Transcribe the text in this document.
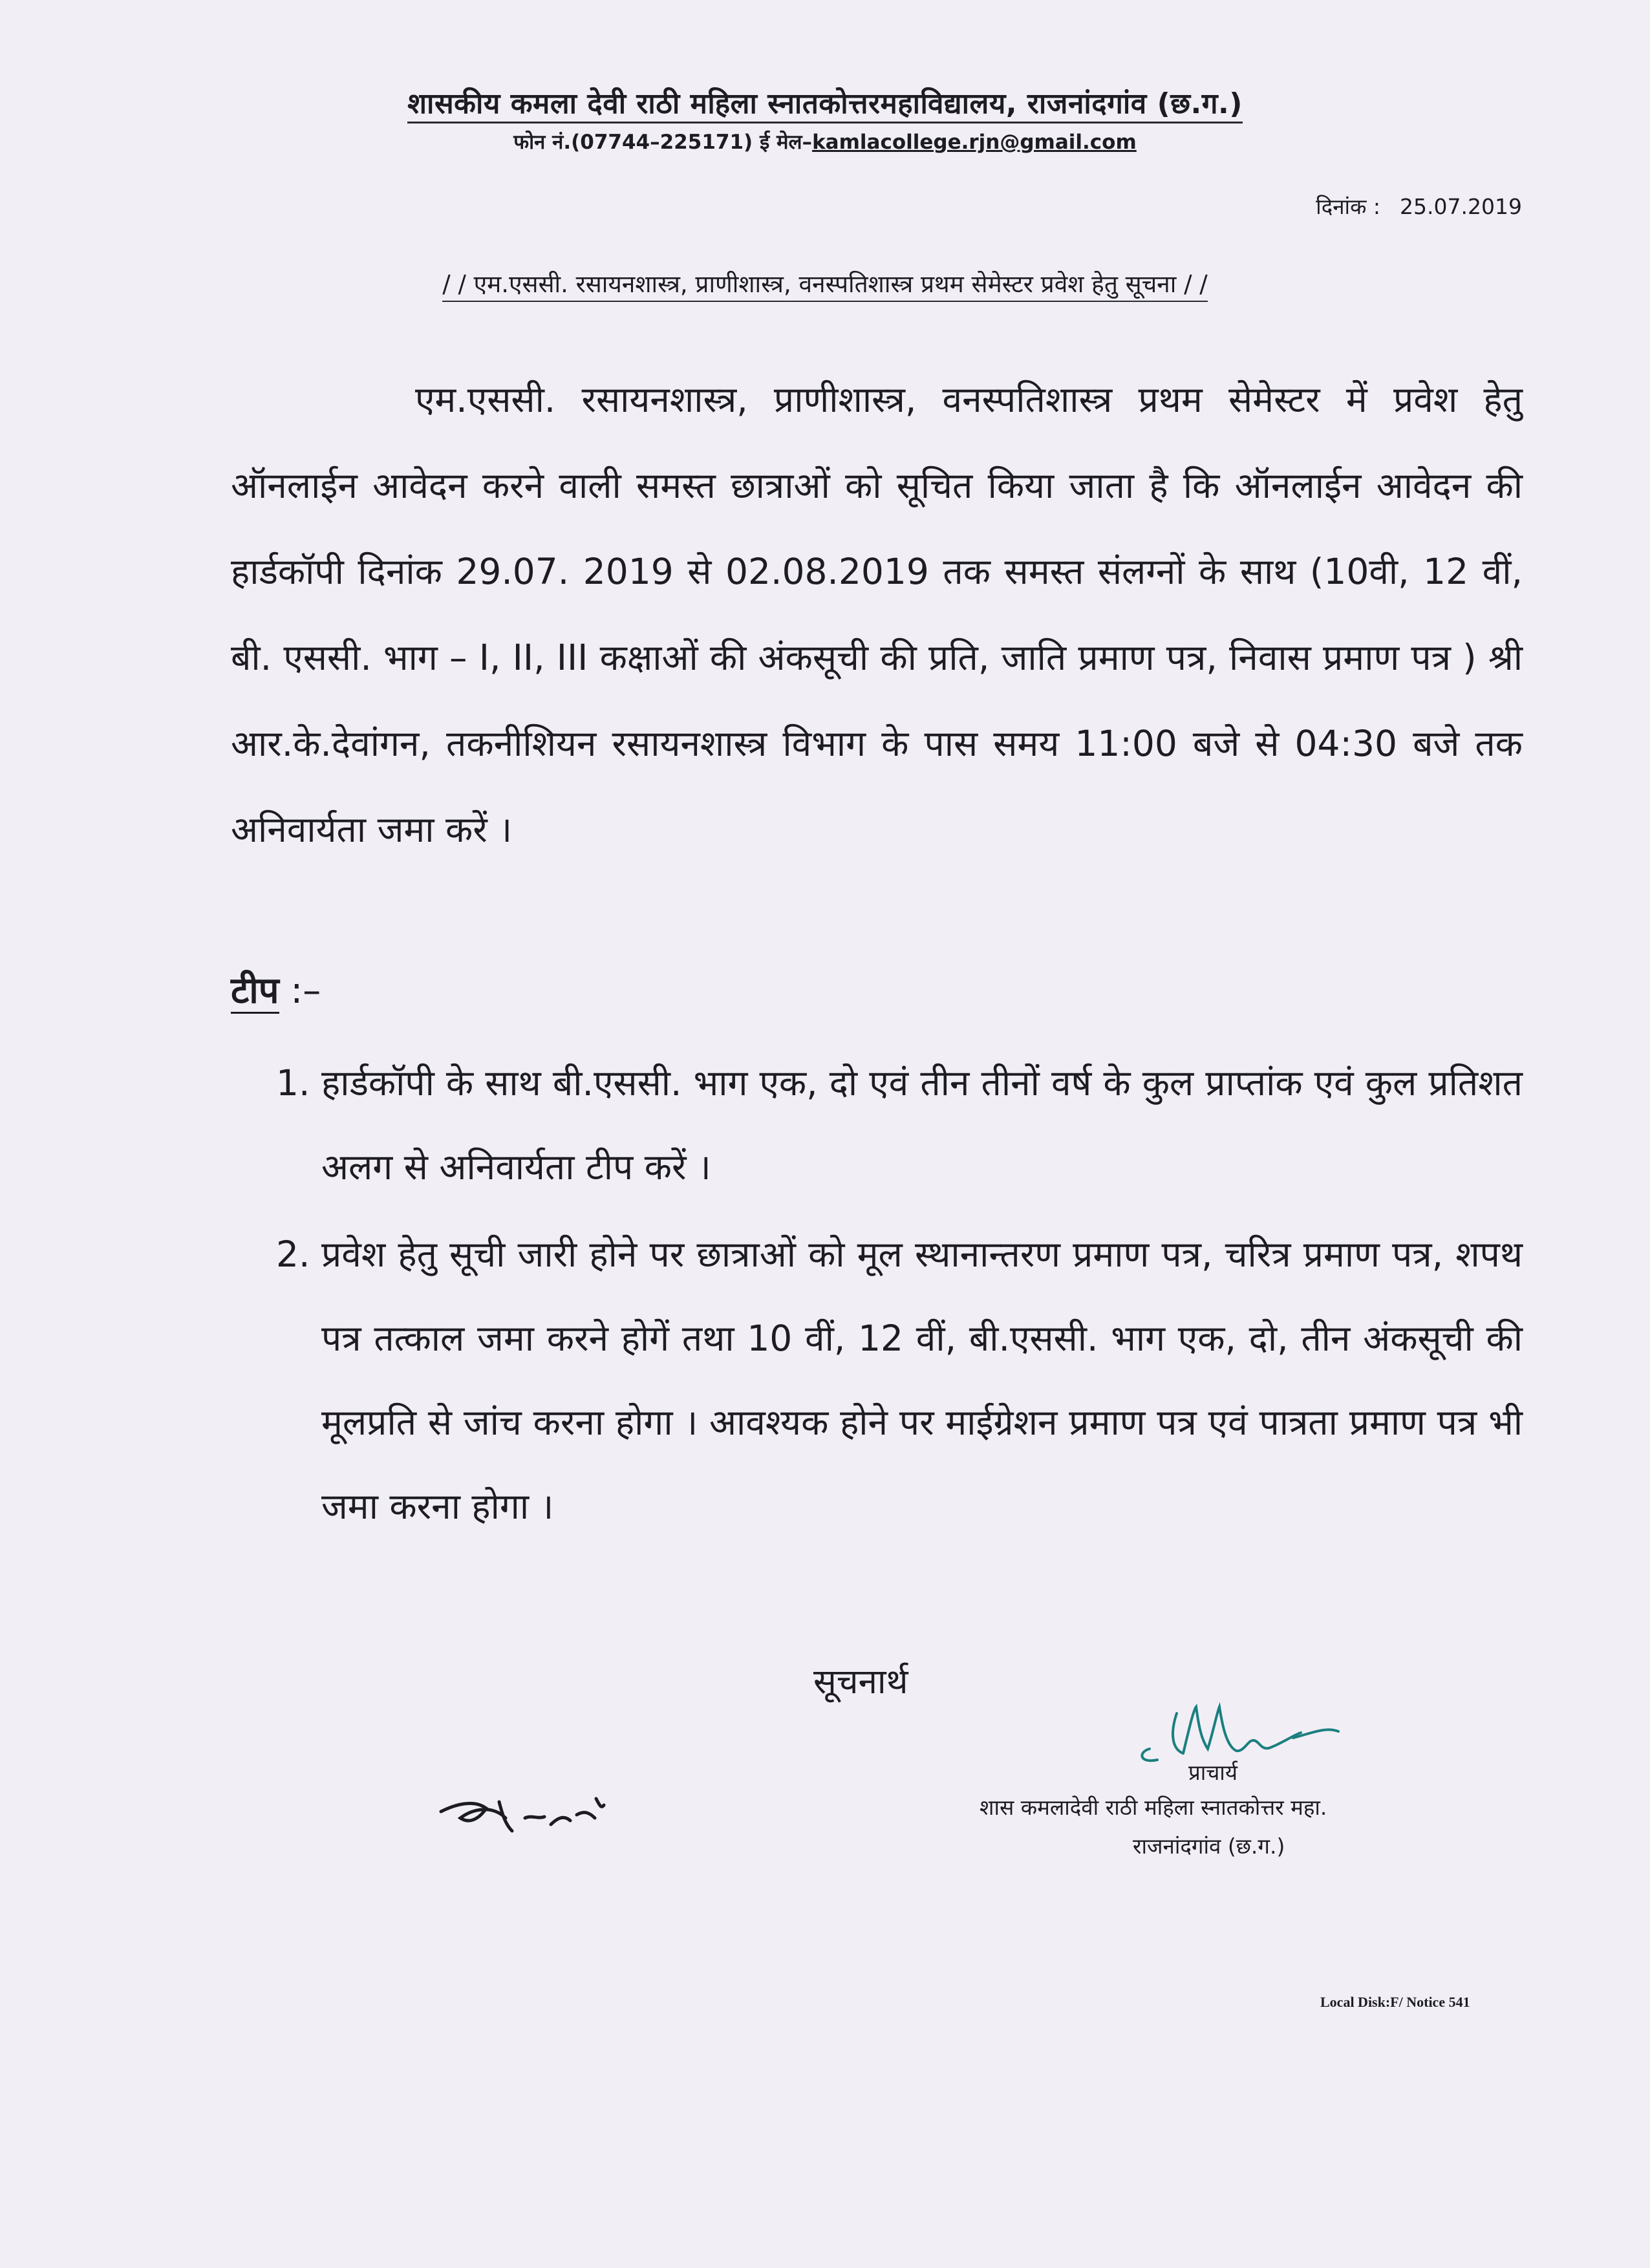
शासकीय कमला देवी राठी महिला स्नातकोत्तरमहाविद्यालय, राजनांदगांव (छ.ग.)
फोन नं.(07744–225171) ई मेल–kamlacollege.rjn@gmail.com
दिनांक : 25.07.2019
/ / एम.एससी. रसायनशास्त्र, प्राणीशास्त्र, वनस्पतिशास्त्र प्रथम सेमेस्टर प्रवेश हेतु सूचना / /
एम.एससी. रसायनशास्त्र, प्राणीशास्त्र, वनस्पतिशास्त्र प्रथम सेमेस्टर में प्रवेश हेतु ऑनलाईन आवेदन करने वाली समस्त छात्राओं को सूचित किया जाता है कि ऑनलाईन आवेदन की हार्डकॉपी दिनांक 29.07. 2019 से 02.08.2019 तक समस्त संलग्नों के साथ (10वी, 12 वीं, बी. एससी. भाग – I, II, III कक्षाओं की अंकसूची की प्रति, जाति प्रमाण पत्र, निवास प्रमाण पत्र ) श्री आर.के.देवांगन, तकनीशियन रसायनशास्त्र विभाग के पास समय 11:00 बजे से 04:30 बजे तक अनिवार्यता जमा करें ।
टीप :–
1. हार्डकॉपी के साथ बी.एससी. भाग एक, दो एवं तीन तीनों वर्ष के कुल प्राप्तांक एवं कुल प्रतिशत अलग से अनिवार्यता टीप करें ।
2. प्रवेश हेतु सूची जारी होने पर छात्राओं को मूल स्थानान्तरण प्रमाण पत्र, चरित्र प्रमाण पत्र, शपथ पत्र तत्काल जमा करने होगें तथा 10 वीं, 12 वीं, बी.एससी. भाग एक, दो, तीन अंकसूची की मूलप्रति से जांच करना होगा । आवश्यक होने पर माईग्रेशन प्रमाण पत्र एवं पात्रता प्रमाण पत्र भी जमा करना होगा ।
सूचनार्थ
प्राचार्य
शास कमलादेवी राठी महिला स्नातकोत्तर महा.
राजनांदगांव (छ.ग.)
Local Disk:F/ Notice 541
